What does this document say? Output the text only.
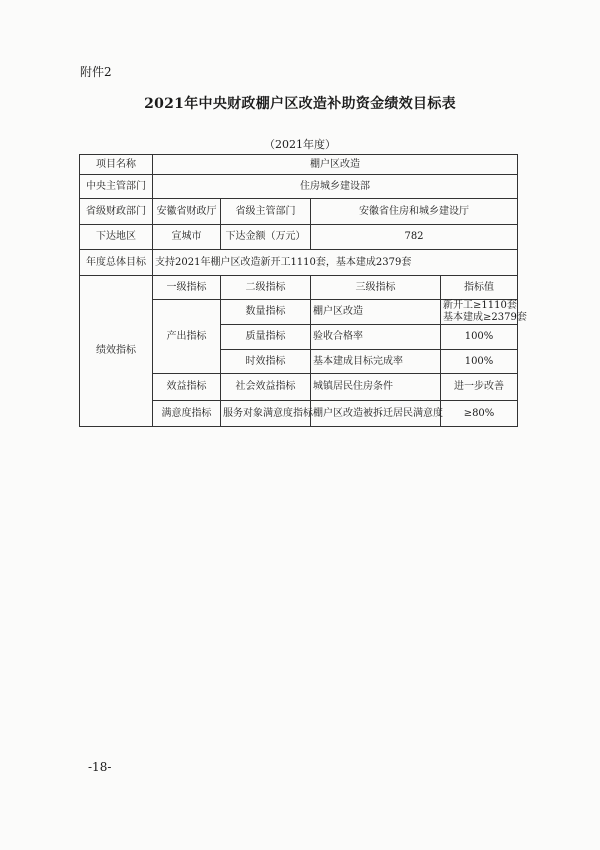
附件2
2021年中央财政棚户区改造补助资金绩效目标表
（2021年度）
项目名称	棚户区改造			
中央主管部门	住房城乡建设部			
省级财政部门	安徽省财政厅	省级主管部门	安徽省住房和城乡建设厅	
下达地区	宣城市	下达金额（万元）	782	
年度总体目标	支持2021年棚户区改造新开工1110套，基本建成2379套			
绩效指标	一级指标	二级指标	三级指标	指标值
	产出指标	数量指标	棚户区改造	新开工≥1110套
基本建成≥2379套

		质量指标	验收合格率	100%
		时效指标	基本建成目标完成率	100%
	效益指标	社会效益指标	城镇居民住房条件	进一步改善
	满意度指标	服务对象满意度指标	棚户区改造被拆迁居民满意度	≥80%
-18-
